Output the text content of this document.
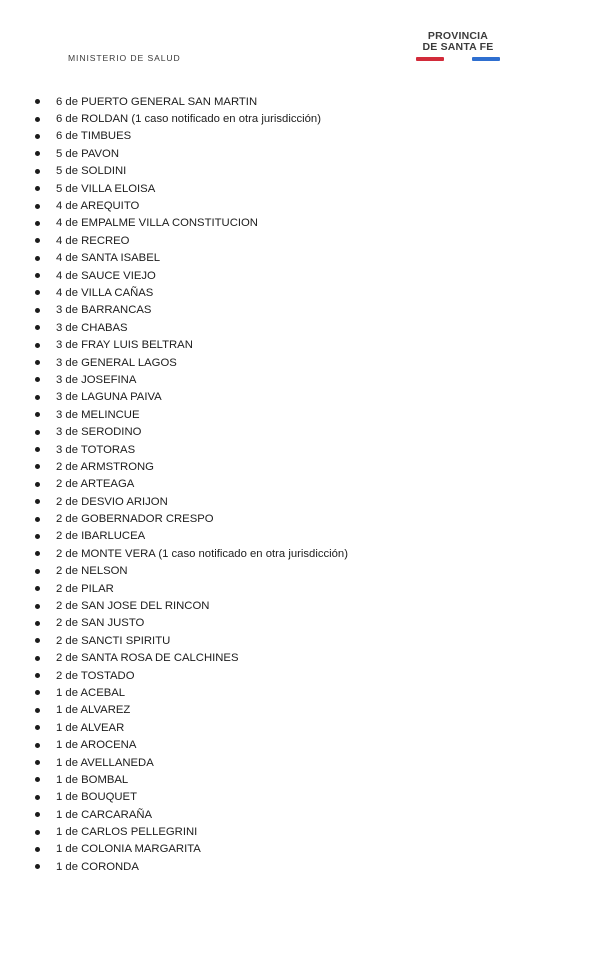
MINISTERIO DE SALUD
PROVINCIA
DE SANTA FE
6 de PUERTO GENERAL SAN MARTIN
6 de ROLDAN (1 caso notificado en otra jurisdicción)
6 de TIMBUES
5 de PAVON
5 de SOLDINI
5 de VILLA ELOISA
4 de AREQUITO
4 de EMPALME VILLA CONSTITUCION
4 de RECREO
4 de SANTA ISABEL
4 de SAUCE VIEJO
4 de VILLA CAÑAS
3 de BARRANCAS
3 de CHABAS
3 de FRAY LUIS BELTRAN
3 de GENERAL LAGOS
3 de JOSEFINA
3 de LAGUNA PAIVA
3 de MELINCUE
3 de SERODINO
3 de TOTORAS
2 de ARMSTRONG
2 de ARTEAGA
2 de DESVIO ARIJON
2 de GOBERNADOR CRESPO
2 de IBARLUCEA
2 de MONTE VERA (1 caso notificado en otra jurisdicción)
2 de NELSON
2 de PILAR
2 de SAN JOSE DEL RINCON
2 de SAN JUSTO
2 de SANCTI SPIRITU
2 de SANTA ROSA DE CALCHINES
2 de TOSTADO
1 de ACEBAL
1 de ALVAREZ
1 de ALVEAR
1 de AROCENA
1 de AVELLANEDA
1 de BOMBAL
1 de BOUQUET
1 de CARCARAÑA
1 de CARLOS PELLEGRINI
1 de COLONIA MARGARITA
1 de CORONDA
